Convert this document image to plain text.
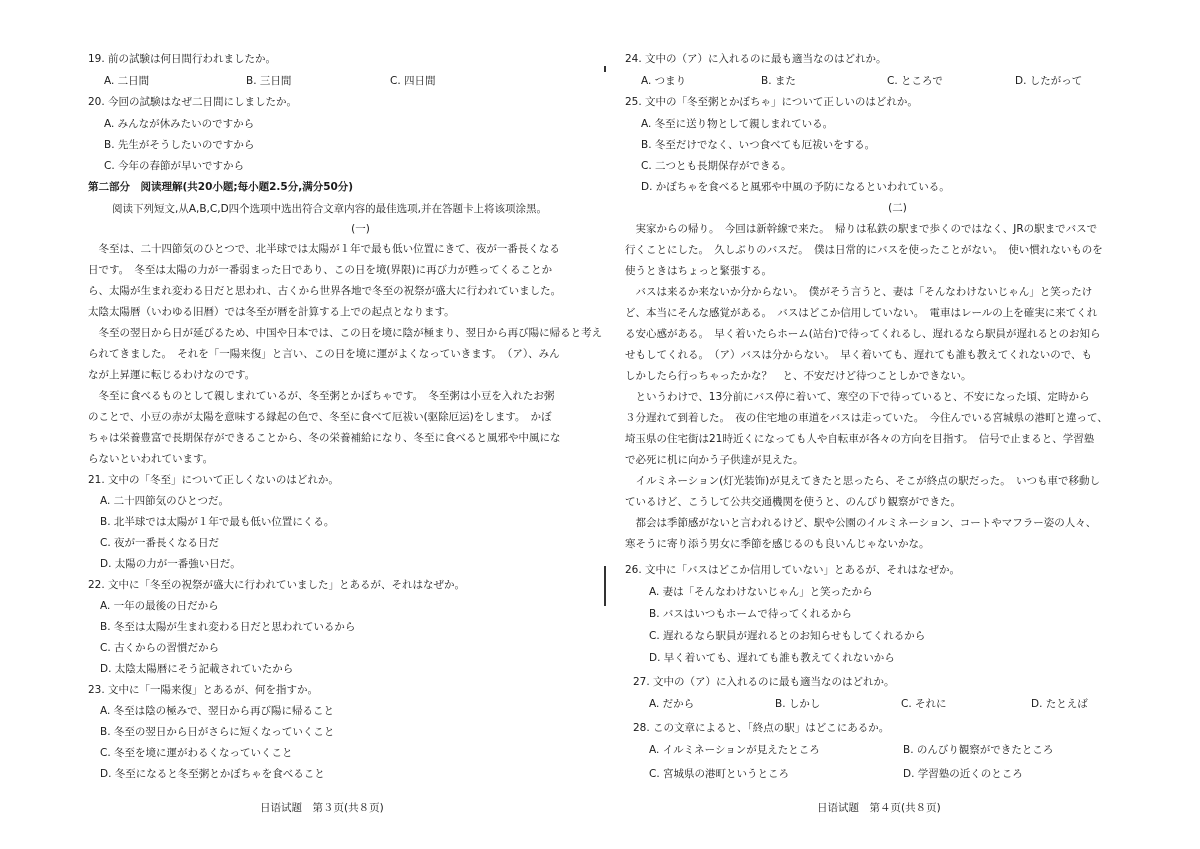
19. 前の試験は何日間行われましたか。
A. 二日間	B. 三日間	C. 四日間
20. 今回の試験はなぜ二日間にしましたか。
A. みんなが休みたいのですから
B. 先生がそうしたいのですから
C. 今年の春節が早いですから
第二部分　阅读理解(共20小题;每小题2.5分,满分50分)
阅读下列短文,从A,B,C,D四个选项中选出符合文章内容的最佳选项,并在答题卡上将该项涂黑。
(一)
　冬至は、二十四節気のひとつで、北半球では太陽が１年で最も低い位置にきて、夜が一番長くなる
日です。　冬至は太陽の力が一番弱まった日であり、この日を境(界限)に再び力が甦ってくることか
ら、太陽が生まれ変わる日だと思われ、古くから世界各地で冬至の祝祭が盛大に行われていました。
太陰太陽暦（いわゆる旧暦）では冬至が暦を計算する上での起点となります。
　冬至の翌日から日が延びるため、中国や日本では、この日を境に陰が極まり、翌日から再び陽に帰ると考え
られてきました。　それを「一陽来復」と言い、この日を境に運がよくなっていきます。　（ア）、みん
なが上昇運に転じるわけなのです。
　冬至に食べるものとして親しまれているが、冬至粥とかぼちゃです。　冬至粥は小豆を入れたお粥
のことで、小豆の赤が太陽を意味する縁起の色で、冬至に食べて厄祓い(驱除厄运)をします。　かぼ
ちゃは栄養豊富で長期保存ができることから、冬の栄養補給になり、冬至に食べると風邪や中風にな
らないといわれています。
21. 文中の「冬至」について正しくないのはどれか。
A. 二十四節気のひとつだ。
B. 北半球では太陽が１年で最も低い位置にくる。
C. 夜が一番長くなる日だ
D. 太陽の力が一番強い日だ。
22. 文中に「冬至の祝祭が盛大に行われていました」とあるが、それはなぜか。
A. 一年の最後の日だから
B. 冬至は太陽が生まれ変わる日だと思われているから
C. 古くからの習慣だから
D. 太陰太陽暦にそう記載されていたから
23. 文中に「一陽来復」とあるが、何を指すか。
A. 冬至は陰の極みで、翌日から再び陽に帰ること
B. 冬至の翌日から日がさらに短くなっていくこと
C. 冬至を境に運がわるくなっていくこと
D. 冬至になると冬至粥とかぼちゃを食べること
日语试题　第３页(共８页)
24. 文中の（ア）に入れるのに最も適当なのはどれか。
A. つまり	B. また	C. ところで	D. したがって
25. 文中の「冬至粥とかぼちゃ」について正しいのはどれか。
A. 冬至に送り物として親しまれている。
B. 冬至だけでなく、いつ食べても厄祓いをする。
C. 二つとも長期保存ができる。
D. かぼちゃを食べると風邪や中風の予防になるといわれている。
(二)
　実家からの帰り。　今回は新幹線で来た。　帰りは私鉄の駅まで歩くのではなく、JRの駅までバスで
行くことにした。　久しぶりのバスだ。　僕は日常的にバスを使ったことがない。　使い慣れないものを
使うときはちょっと緊張する。
　バスは来るか来ないか分からない。　僕がそう言うと、妻は「そんなわけないじゃん」と笑ったけ
ど、本当にそんな感覚がある。　バスはどこか信用していない。　電車はレールの上を確実に来てくれ
る安心感がある。　早く着いたらホーム(站台)で待ってくれるし、遅れるなら駅員が遅れるとのお知ら
せもしてくれる。　（ア）バスは分からない。　早く着いても、遅れても誰も教えてくれないので、も
しかしたら行っちゃったかな？　と、不安だけど待つことしかできない。
　というわけで、13分前にバス停に着いて、寒空の下で待っていると、不安になった頃、定時から
３分遅れて到着した。　夜の住宅地の車道をバスは走っていた。　今住んでいる宮城県の港町と違って、
埼玉県の住宅街は21時近くになっても人や自転車が各々の方向を目指す。　信号で止まると、学習塾
で必死に机に向かう子供達が見えた。
　イルミネーション(灯光装饰)が見えてきたと思ったら、そこが終点の駅だった。　いつも車で移動し
ているけど、こうして公共交通機関を使うと、のんびり観察ができた。
　都会は季節感がないと言われるけど、駅や公園のイルミネーション、コートやマフラー姿の人々、
寒そうに寄り添う男女に季節を感じるのも良いんじゃないかな。
26. 文中に「バスはどこか信用していない」とあるが、それはなぜか。
A. 妻は「そんなわけないじゃん」と笑ったから
B. バスはいつもホームで待ってくれるから
C. 遅れるなら駅員が遅れるとのお知らせもしてくれるから
D. 早く着いても、遅れても誰も教えてくれないから
27. 文中の（ア）に入れるのに最も適当なのはどれか。
A. だから	B. しかし	C. それに	D. たとえば
28. この文章によると、「終点の駅」はどこにあるか。
A. イルミネーションが見えたところ	B. のんびり観察ができたところ
C. 宮城県の港町というところ	D. 学習塾の近くのところ
日语试题　第４页(共８页)
